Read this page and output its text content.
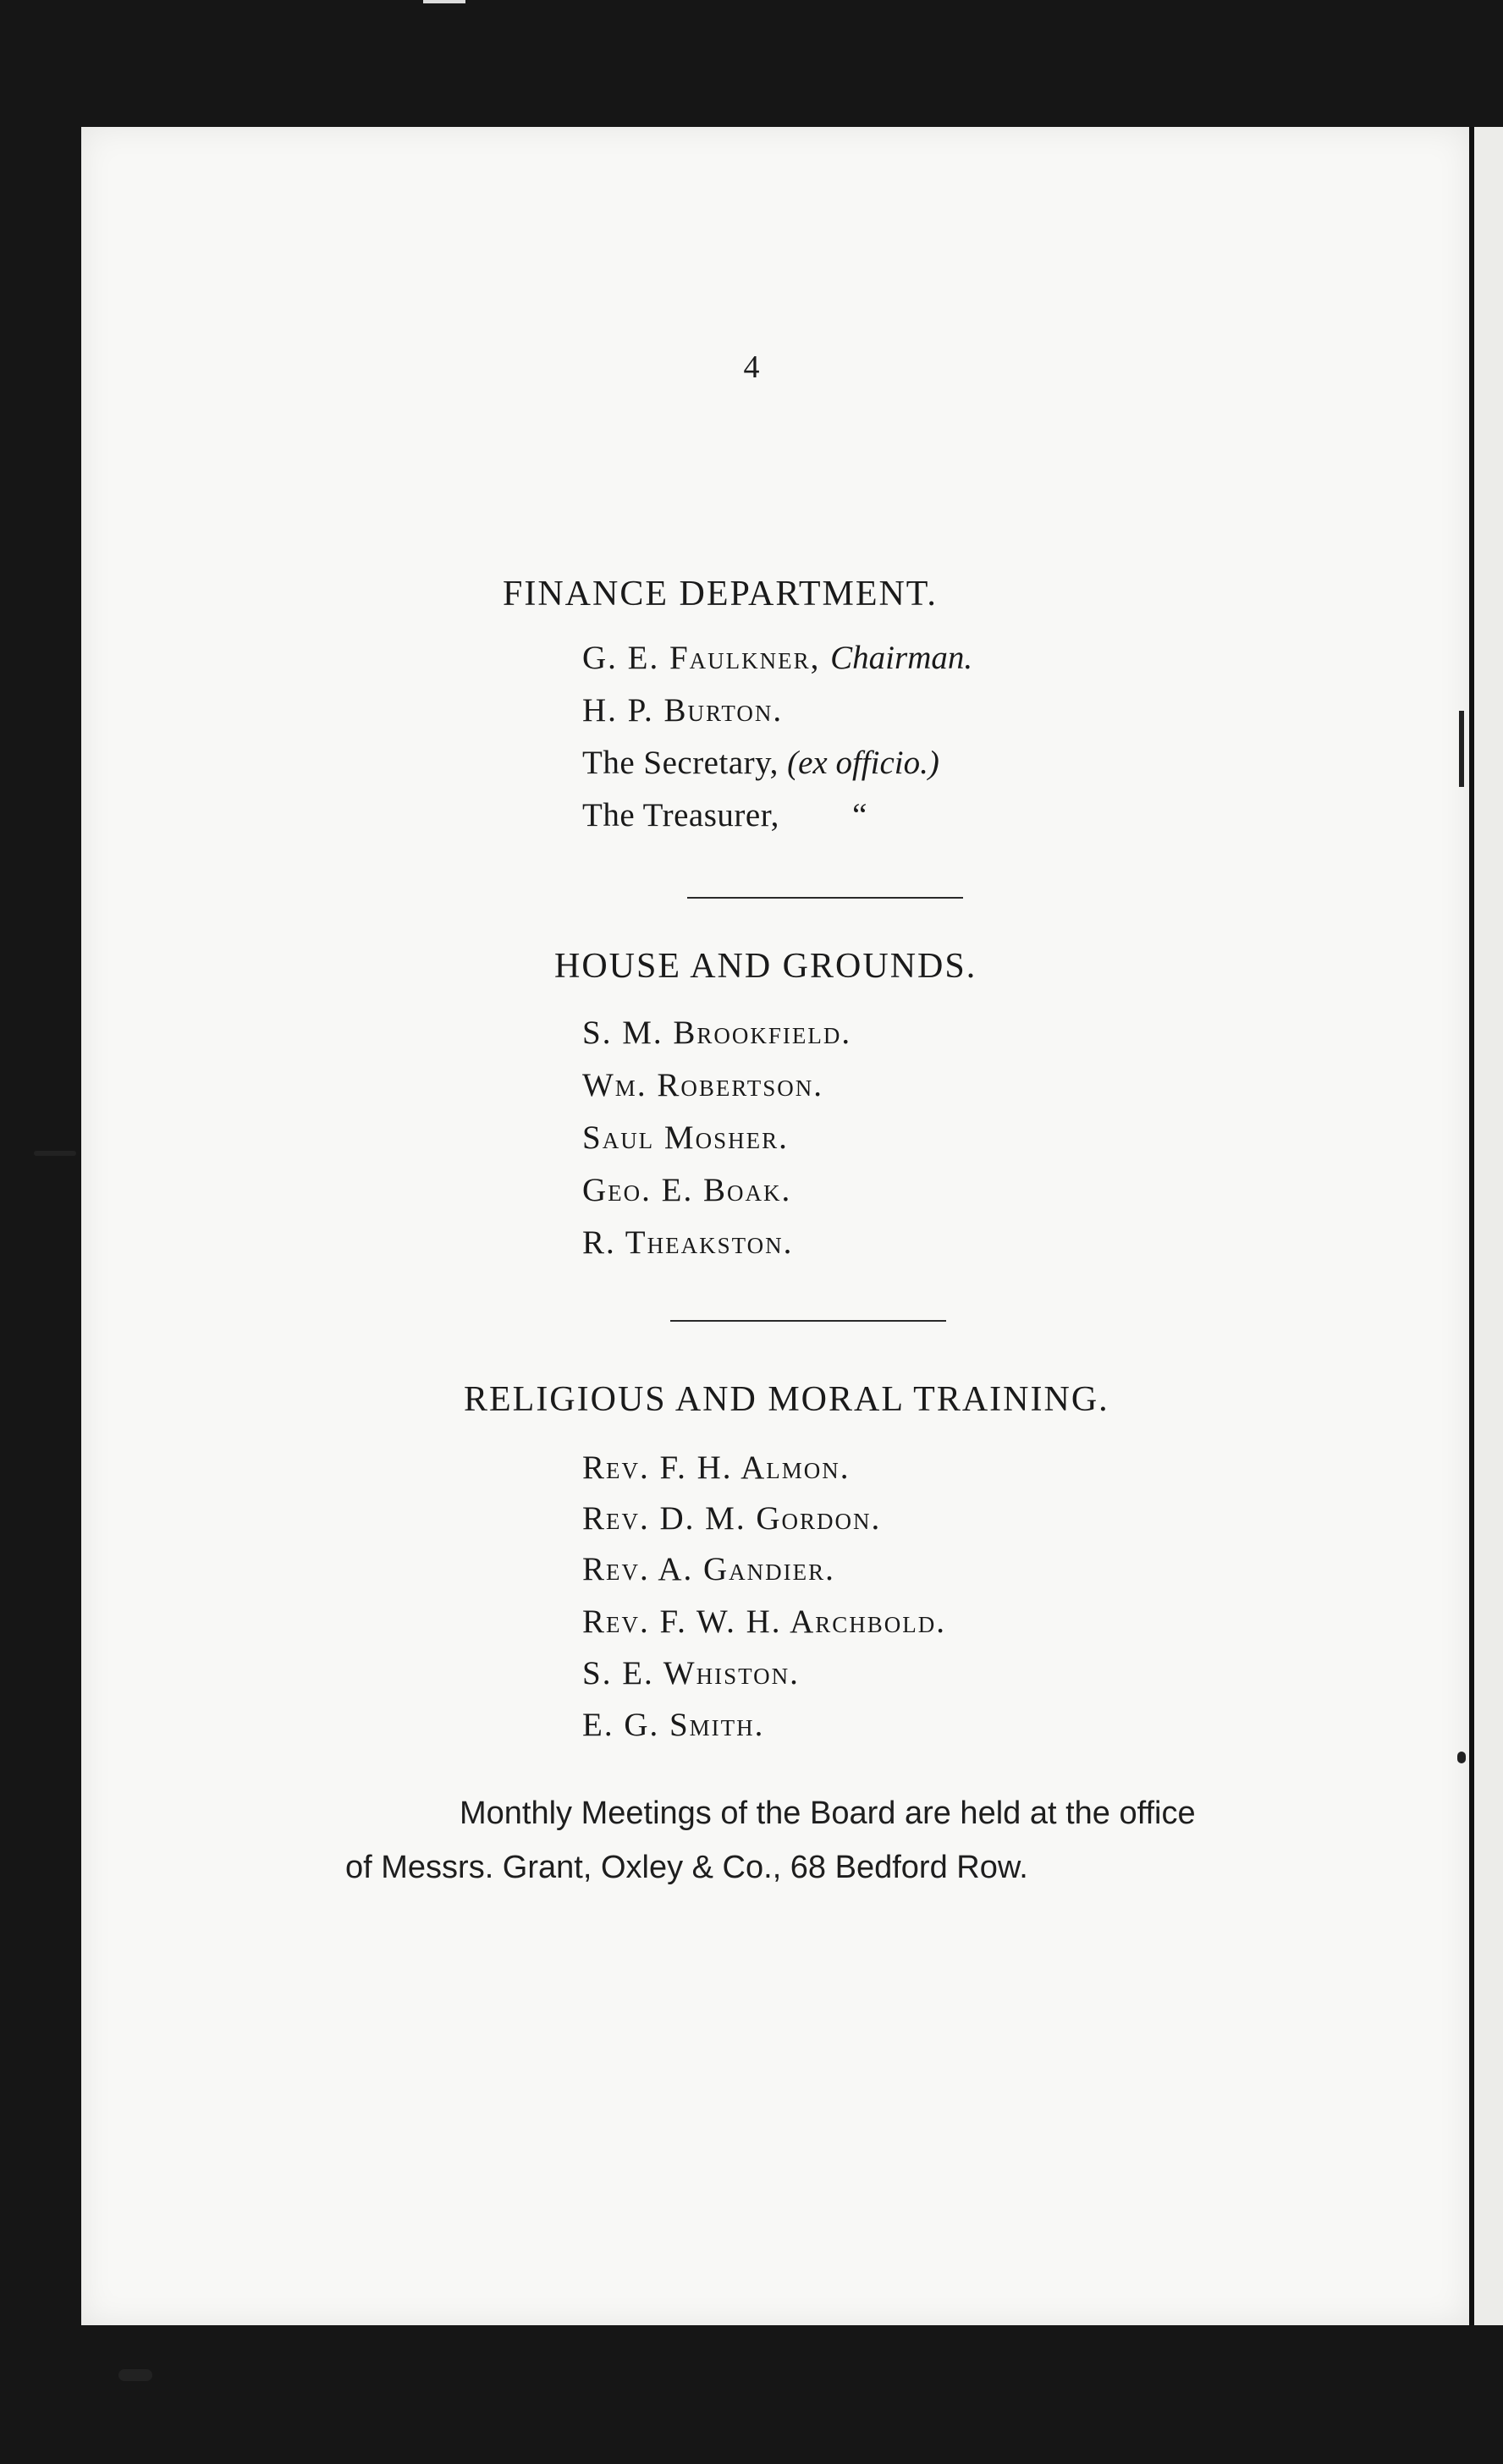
4
FINANCE DEPARTMENT.
G. E. Faulkner, Chairman.
H. P. Burton.
The Secretary, (ex officio.)
The Treasurer, “
HOUSE AND GROUNDS.
S. M. Brookfield.
Wm. Robertson.
Saul Mosher.
Geo. E. Boak.
R. Theakston.
RELIGIOUS AND MORAL TRAINING.
Rev. F. H. Almon.
Rev. D. M. Gordon.
Rev. A. Gandier.
Rev. F. W. H. Archbold.
S. E. Whiston.
E. G. Smith.
Monthly Meetings of the Board are held at the office
of Messrs. Grant, Oxley & Co., 68 Bedford Row.
